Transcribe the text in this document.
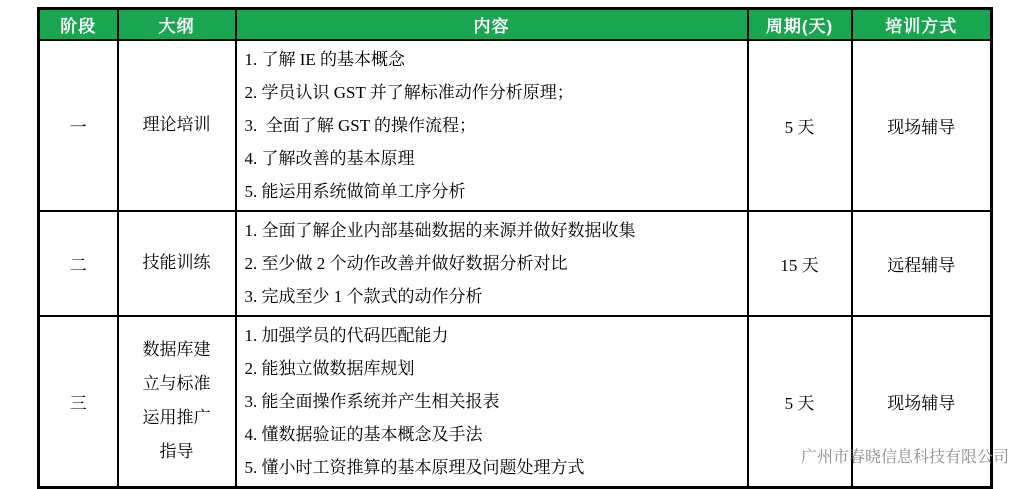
阶段	大纲	内容	周期(天)	培训方式
一	理论培训	1. 了解 IE 的基本概念
2. 学员认识 GST 并了解标准动作分析原理；
3.  全面了解 GST 的操作流程；
4. 了解改善的基本原理
5. 能运用系统做简单工序分析	5 天	现场辅导
二	技能训练	1. 全面了解企业内部基础数据的来源并做好数据收集
2. 至少做 2 个动作改善并做好数据分析对比
3. 完成至少 1 个款式的动作分析	15 天	远程辅导
三	数据库建立与标准运用推广指导	1. 加强学员的代码匹配能力
2. 能独立做数据库规划
3. 能全面操作系统并产生相关报表
4. 懂数据验证的基本概念及手法
5. 懂小时工资推算的基本原理及问题处理方式	5 天	现场辅导
广州市春晓信息科技有限公司
